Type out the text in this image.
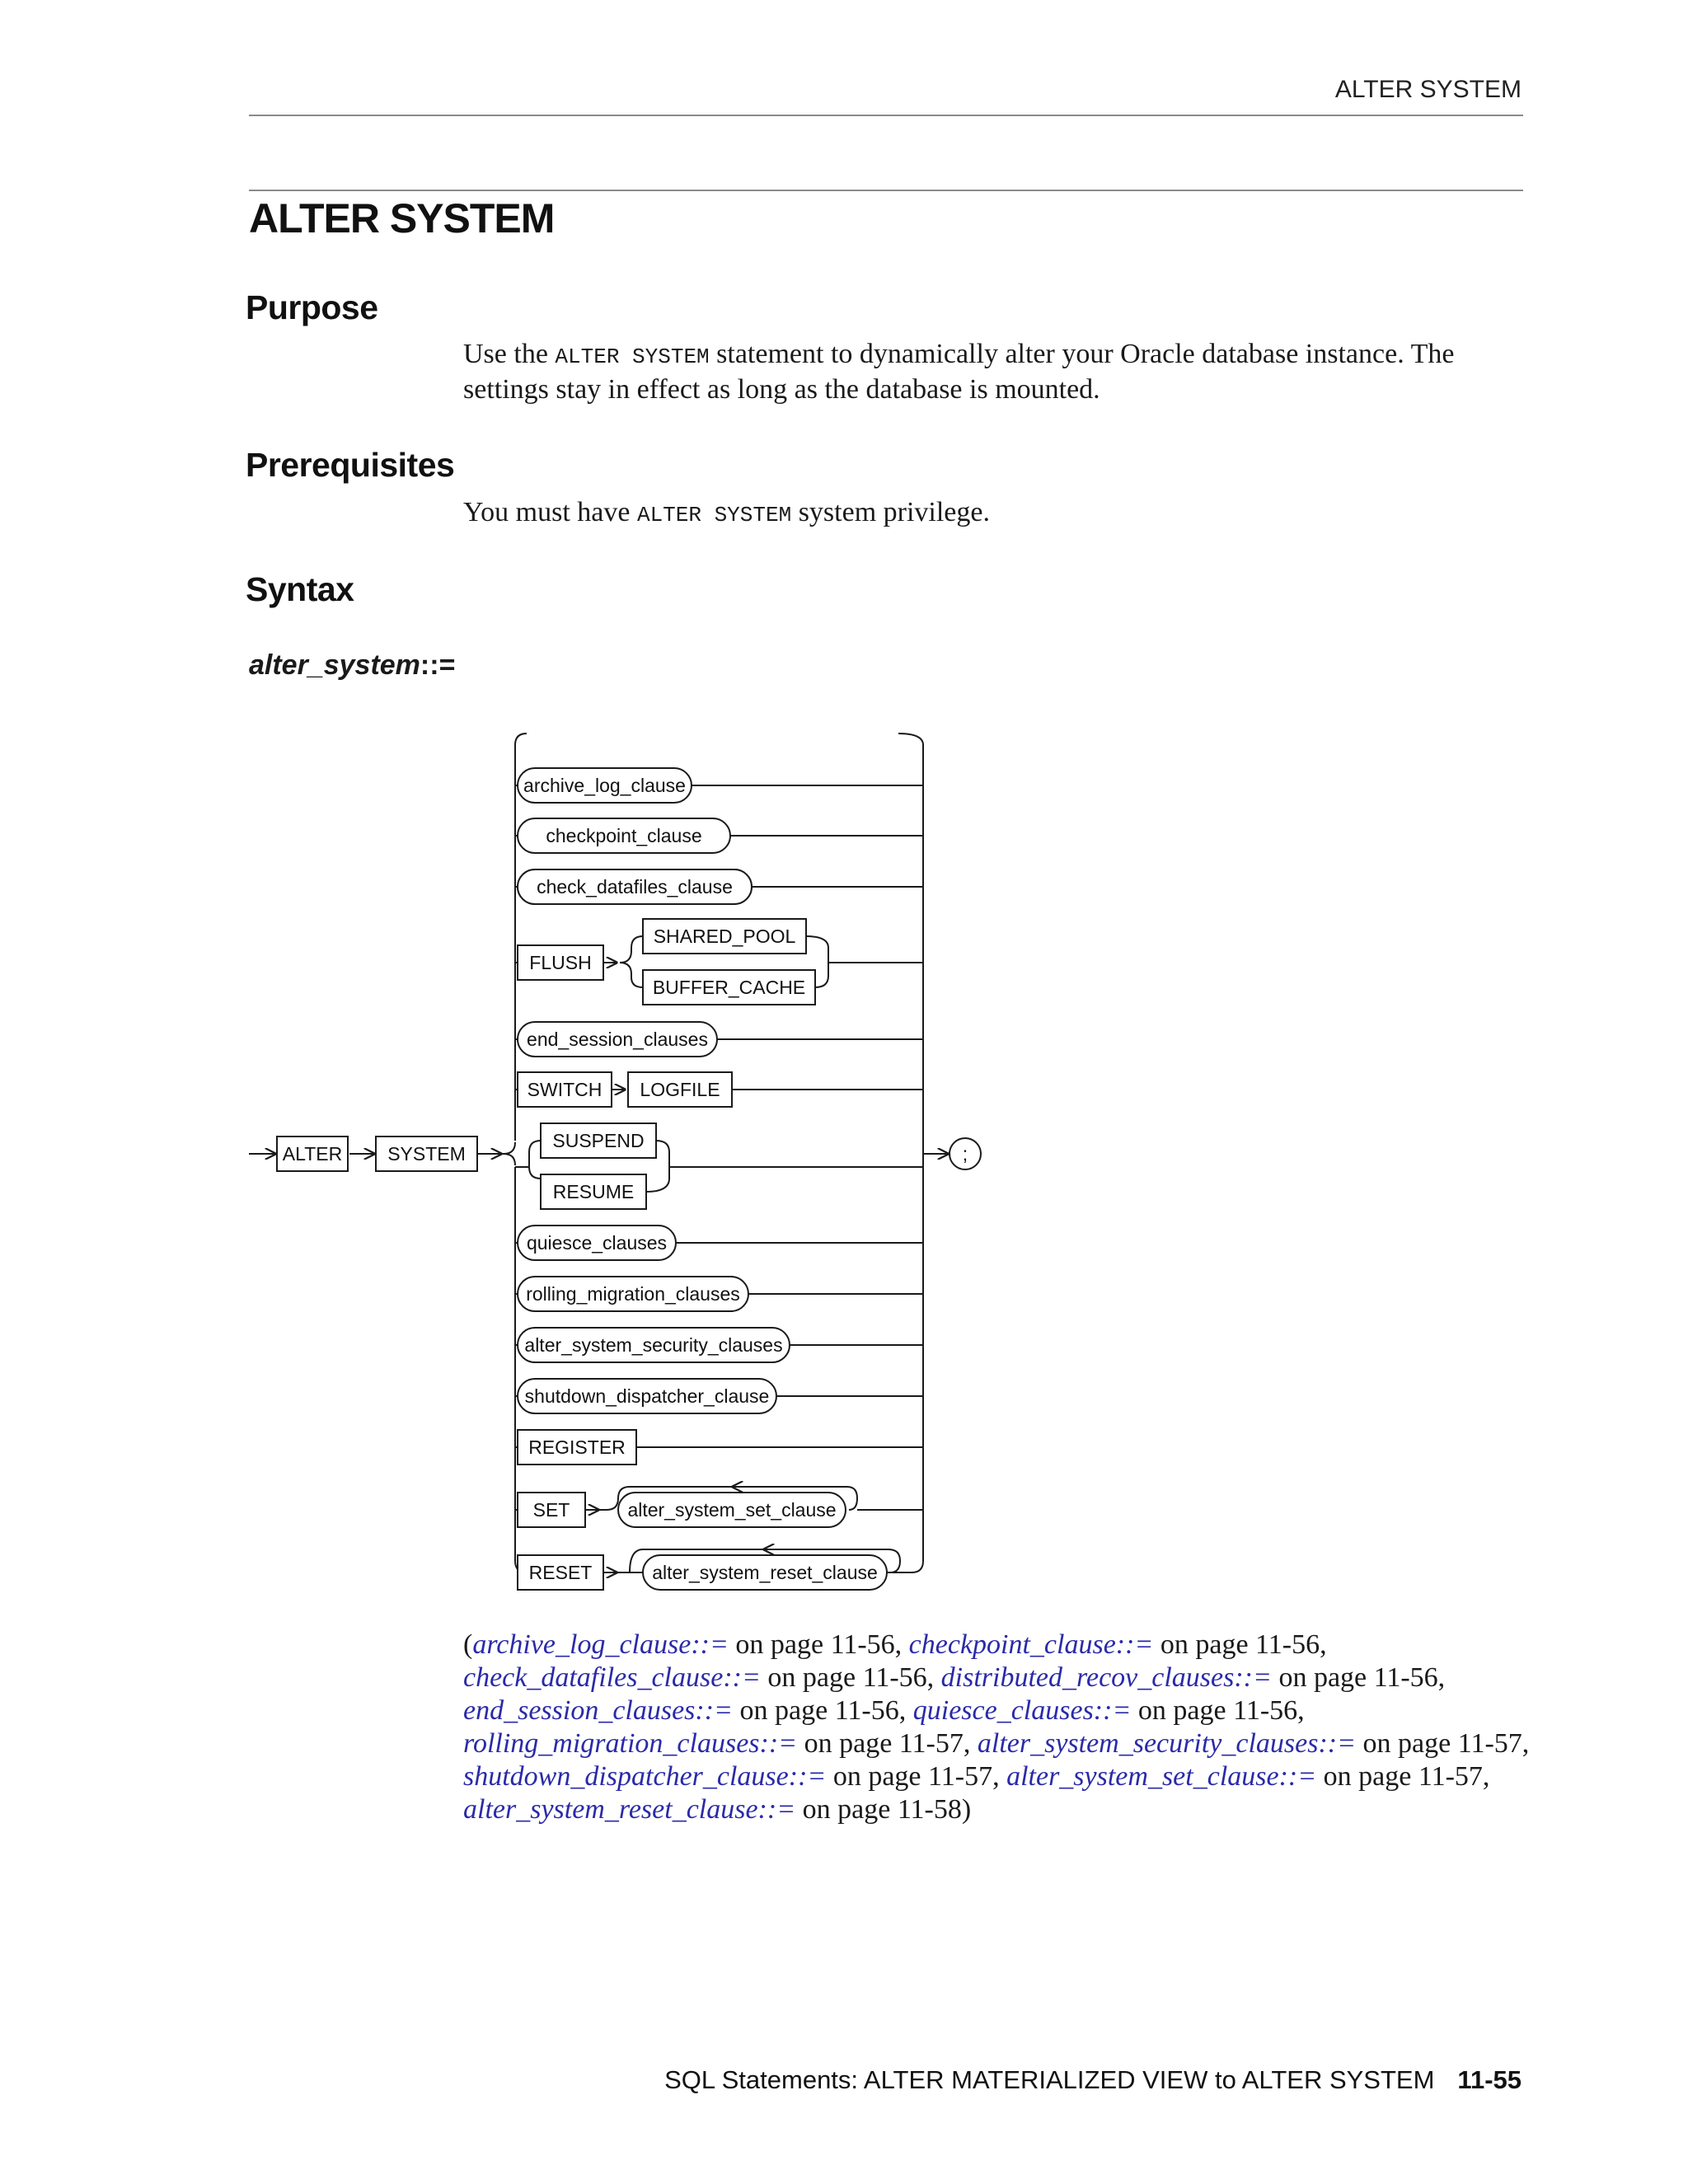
ALTER SYSTEM
ALTER SYSTEM
Purpose
Use the ALTER SYSTEM statement to dynamically alter your Oracle database instance. The settings stay in effect as long as the database is mounted.
Prerequisites
You must have ALTER SYSTEM system privilege.
Syntax
alter_system::=
ALTER	SYSTEM	;
archive_log_clause
checkpoint_clause
check_datafiles_clause
FLUSH
SHARED_POOL
BUFFER_CACHE
end_session_clauses
SWITCH	LOGFILE
SUSPEND
RESUME
quiesce_clauses
rolling_migration_clauses
alter_system_security_clauses
shutdown_dispatcher_clause
REGISTER
SET	alter_system_set_clause
RESET	alter_system_reset_clause
(archive_log_clause::= on page 11-56, checkpoint_clause::= on page 11-56, check_datafiles_clause::= on page 11-56, distributed_recov_clauses::= on page 11-56, end_session_clauses::= on page 11-56, quiesce_clauses::= on page 11-56, rolling_migration_clauses::= on page 11-57, alter_system_security_clauses::= on page 11-57, shutdown_dispatcher_clause::= on page 11-57, alter_system_set_clause::= on page 11-57, alter_system_reset_clause::= on page 11-58)
SQL Statements: ALTER MATERIALIZED VIEW to ALTER SYSTEM 11-55
